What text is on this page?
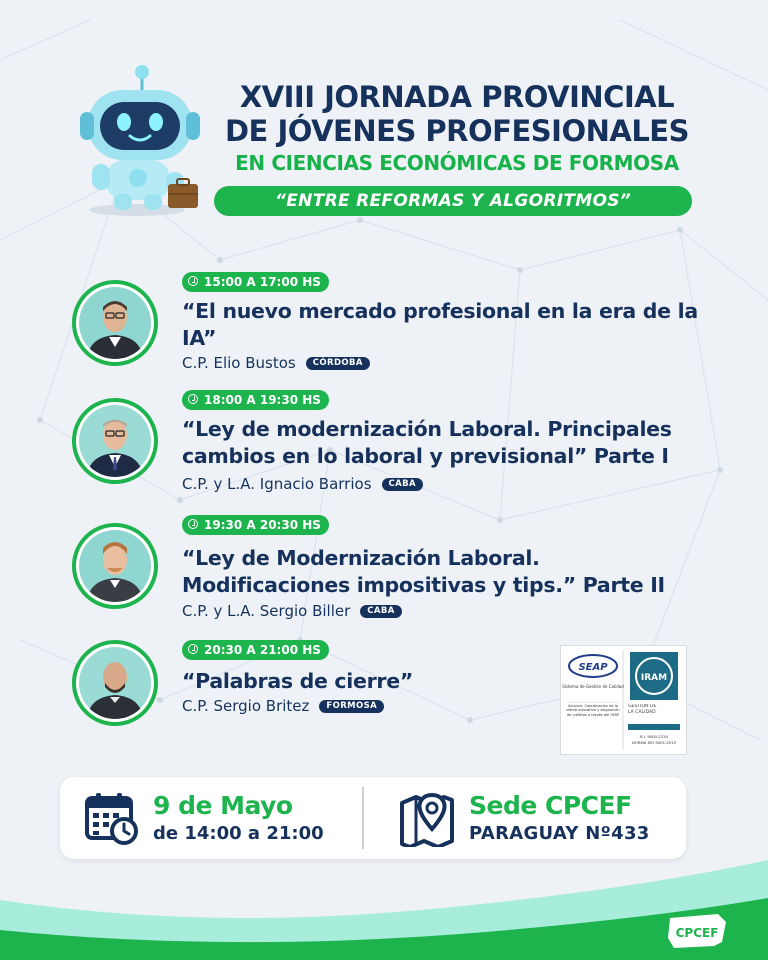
XVIII JORNADA PROVINCIAL
DE JÓVENES PROFESIONALES
EN CIENCIAS ECONÓMICAS DE FORMOSA
“ENTRE REFORMAS Y ALGORITMOS”
15:00 A 17:00 HS
“El nuevo mercado profesional en la era de la IA”
C.P. Elio Bustos CÓRDOBA
18:00 A 19:30 HS
“Ley de modernización Laboral. Principales cambios en lo laboral y previsional” Parte I
C.P. y L.A. Ignacio Barrios CABA
19:30 A 20:30 HS
“Ley de Modernización Laboral. Modificaciones impositivas y tips.” Parte II
C.P. y L.A. Sergio Biller CABA
20:30 A 21:00 HS
“Palabras de cierre”
C.P. Sergio Britez FORMOSA
SEAP
Sistema de Gestión de Calidad
Alcance: Coordinación de la oferta educativa y asignación de créditos a través del SFAP
IRAM
GESTION DE LA CALIDAD
R.I. 9000-2234
NORMA ISO 9001:2015
9 de Mayo
de 14:00 a 21:00
Sede CPCEF
PARAGUAY Nº433
CPCEF
